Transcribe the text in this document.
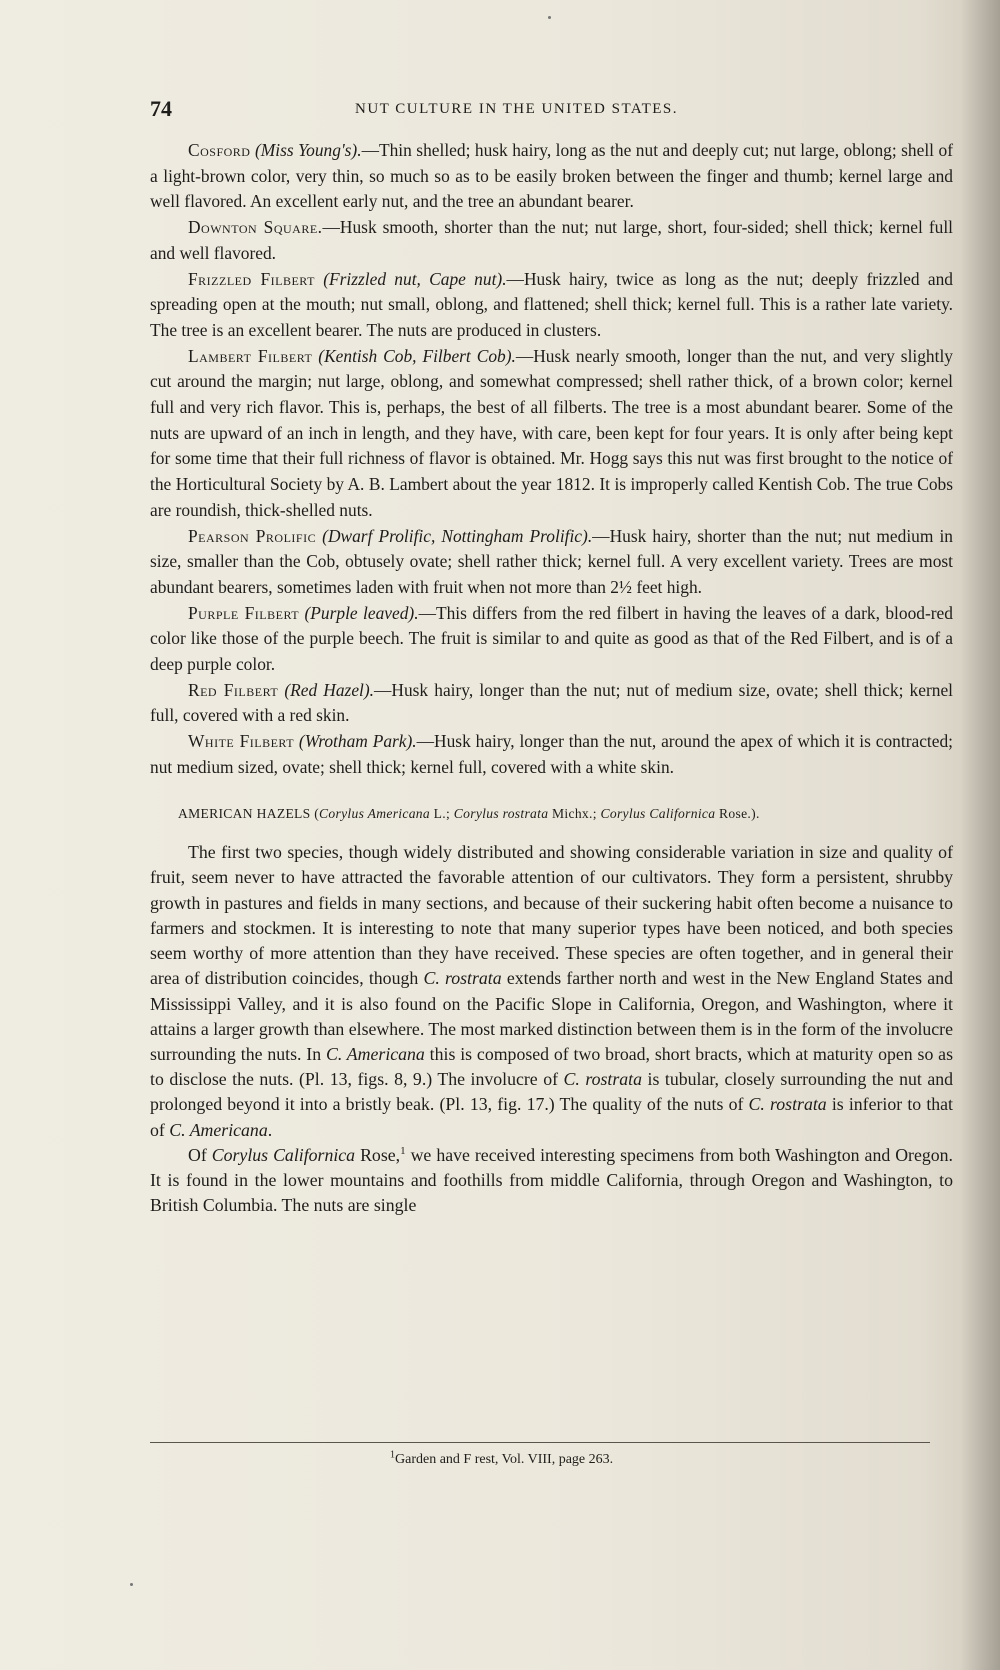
74	NUT CULTURE IN THE UNITED STATES.

Cosford (Miss Young's).—Thin shelled; husk hairy, long as the nut and deeply cut; nut large, oblong; shell of a light-brown color, very thin, so much so as to be easily broken between the finger and thumb; kernel large and well flavored. An excellent early nut, and the tree an abundant bearer.

Downton Square.—Husk smooth, shorter than the nut; nut large, short, four-sided; shell thick; kernel full and well flavored.

Frizzled Filbert (Frizzled nut, Cape nut).—Husk hairy, twice as long as the nut; deeply frizzled and spreading open at the mouth; nut small, oblong, and flattened; shell thick; kernel full. This is a rather late variety. The tree is an excellent bearer. The nuts are produced in clusters.

Lambert Filbert (Kentish Cob, Filbert Cob).—Husk nearly smooth, longer than the nut, and very slightly cut around the margin; nut large, oblong, and somewhat compressed; shell rather thick, of a brown color; kernel full and very rich flavor. This is, perhaps, the best of all filberts. The tree is a most abundant bearer. Some of the nuts are upward of an inch in length, and they have, with care, been kept for four years. It is only after being kept for some time that their full richness of flavor is obtained. Mr. Hogg says this nut was first brought to the notice of the Horticultural Society by A. B. Lambert about the year 1812. It is improperly called Kentish Cob. The true Cobs are roundish, thick-shelled nuts.

Pearson Prolific (Dwarf Prolific, Nottingham Prolific).—Husk hairy, shorter than the nut; nut medium in size, smaller than the Cob, obtusely ovate; shell rather thick; kernel full. A very excellent variety. Trees are most abundant bearers, sometimes laden with fruit when not more than 2½ feet high.

Purple Filbert (Purple leaved).—This differs from the red filbert in having the leaves of a dark, blood-red color like those of the purple beech. The fruit is similar to and quite as good as that of the Red Filbert, and is of a deep purple color.

Red Filbert (Red Hazel).—Husk hairy, longer than the nut; nut of medium size, ovate; shell thick; kernel full, covered with a red skin.

White Filbert (Wrotham Park).—Husk hairy, longer than the nut, around the apex of which it is contracted; nut medium sized, ovate; shell thick; kernel full, covered with a white skin.

AMERICAN HAZELS (Corylus Americana L.; Corylus rostrata Michx.; Corylus Californica Rose.).

The first two species, though widely distributed and showing considerable variation in size and quality of fruit, seem never to have attracted the favorable attention of our cultivators. They form a persistent, shrubby growth in pastures and fields in many sections, and because of their suckering habit often become a nuisance to farmers and stockmen. It is interesting to note that many superior types have been noticed, and both species seem worthy of more attention than they have received. These species are often together, and in general their area of distribution coincides, though C. rostrata extends farther north and west in the New England States and Mississippi Valley, and it is also found on the Pacific Slope in California, Oregon, and Washington, where it attains a larger growth than elsewhere. The most marked distinction between them is in the form of the involucre surrounding the nuts. In C. Americana this is composed of two broad, short bracts, which at maturity open so as to disclose the nuts. (Pl. 13, figs. 8, 9.) The involucre of C. rostrata is tubular, closely surrounding the nut and prolonged beyond it into a bristly beak. (Pl. 13, fig. 17.) The quality of the nuts of C. rostrata is inferior to that of C. Americana.

Of Corylus Californica Rose,$^1$ we have received interesting specimens from both Washington and Oregon. It is found in the lower mountains and foothills from middle California, through Oregon and Washington, to British Columbia. The nuts are single

$^1$Garden and F rest, Vol. VIII, page 263.
